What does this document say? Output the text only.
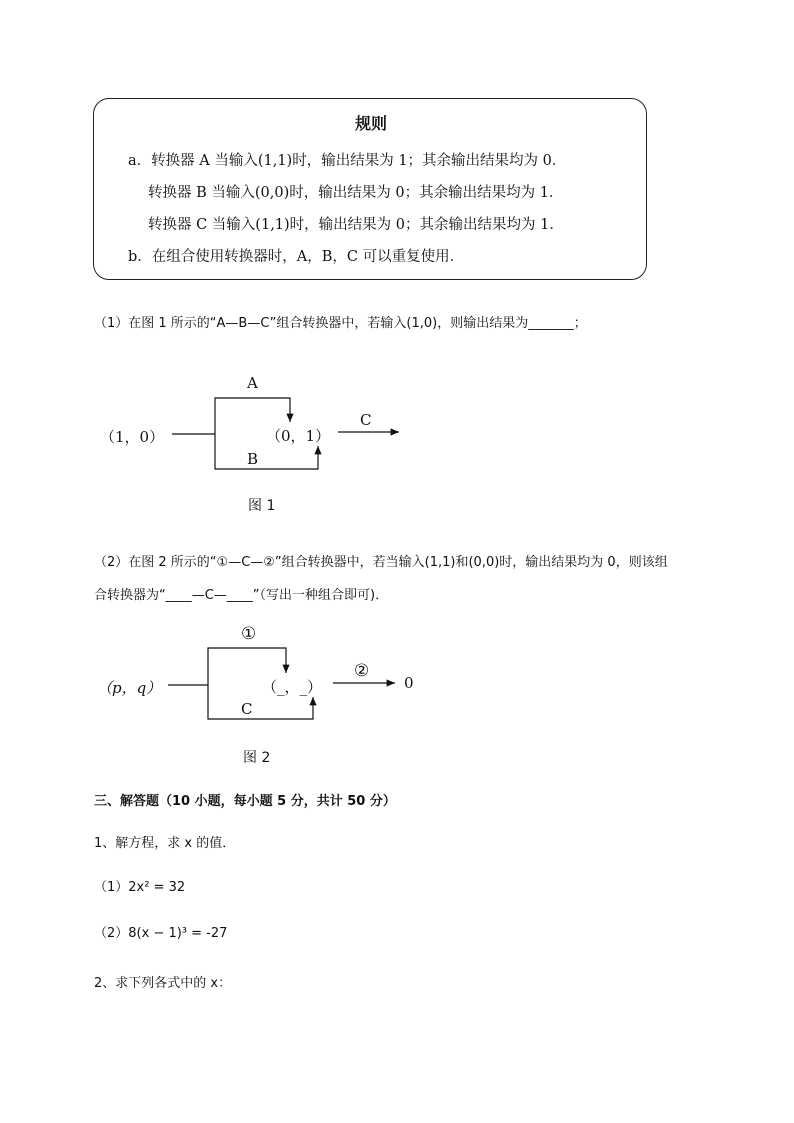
规则
a．转换器 A 当输入(1,1)时，输出结果为 1；其余输出结果均为 0．
转换器 B 当输入(0,0)时，输出结果为 0；其余输出结果均为 1．
转换器 C 当输入(1,1)时，输出结果为 0；其余输出结果均为 1．
b．在组合使用转换器时，A，B，C 可以重复使用．
（1）在图 1 所示的“A—B—C”组合转换器中，若输入(1,0)，则输出结果为_______；
（1，0）
A
B
（0，1）
C
图 1
（2）在图 2 所示的“①—C—②”组合转换器中，若当输入(1,1)和(0,0)时，输出结果均为 0，则该组
合转换器为“____—C—____”（写出一种组合即可)．
（p，q）
①
C
（_，_）
②
0
图 2
三、解答题（10 小题，每小题 5 分，共计 50 分）
1、解方程，求 x 的值．
（1）2x² = 32
（2）8(x − 1)³ = -27
2、求下列各式中的 x：
